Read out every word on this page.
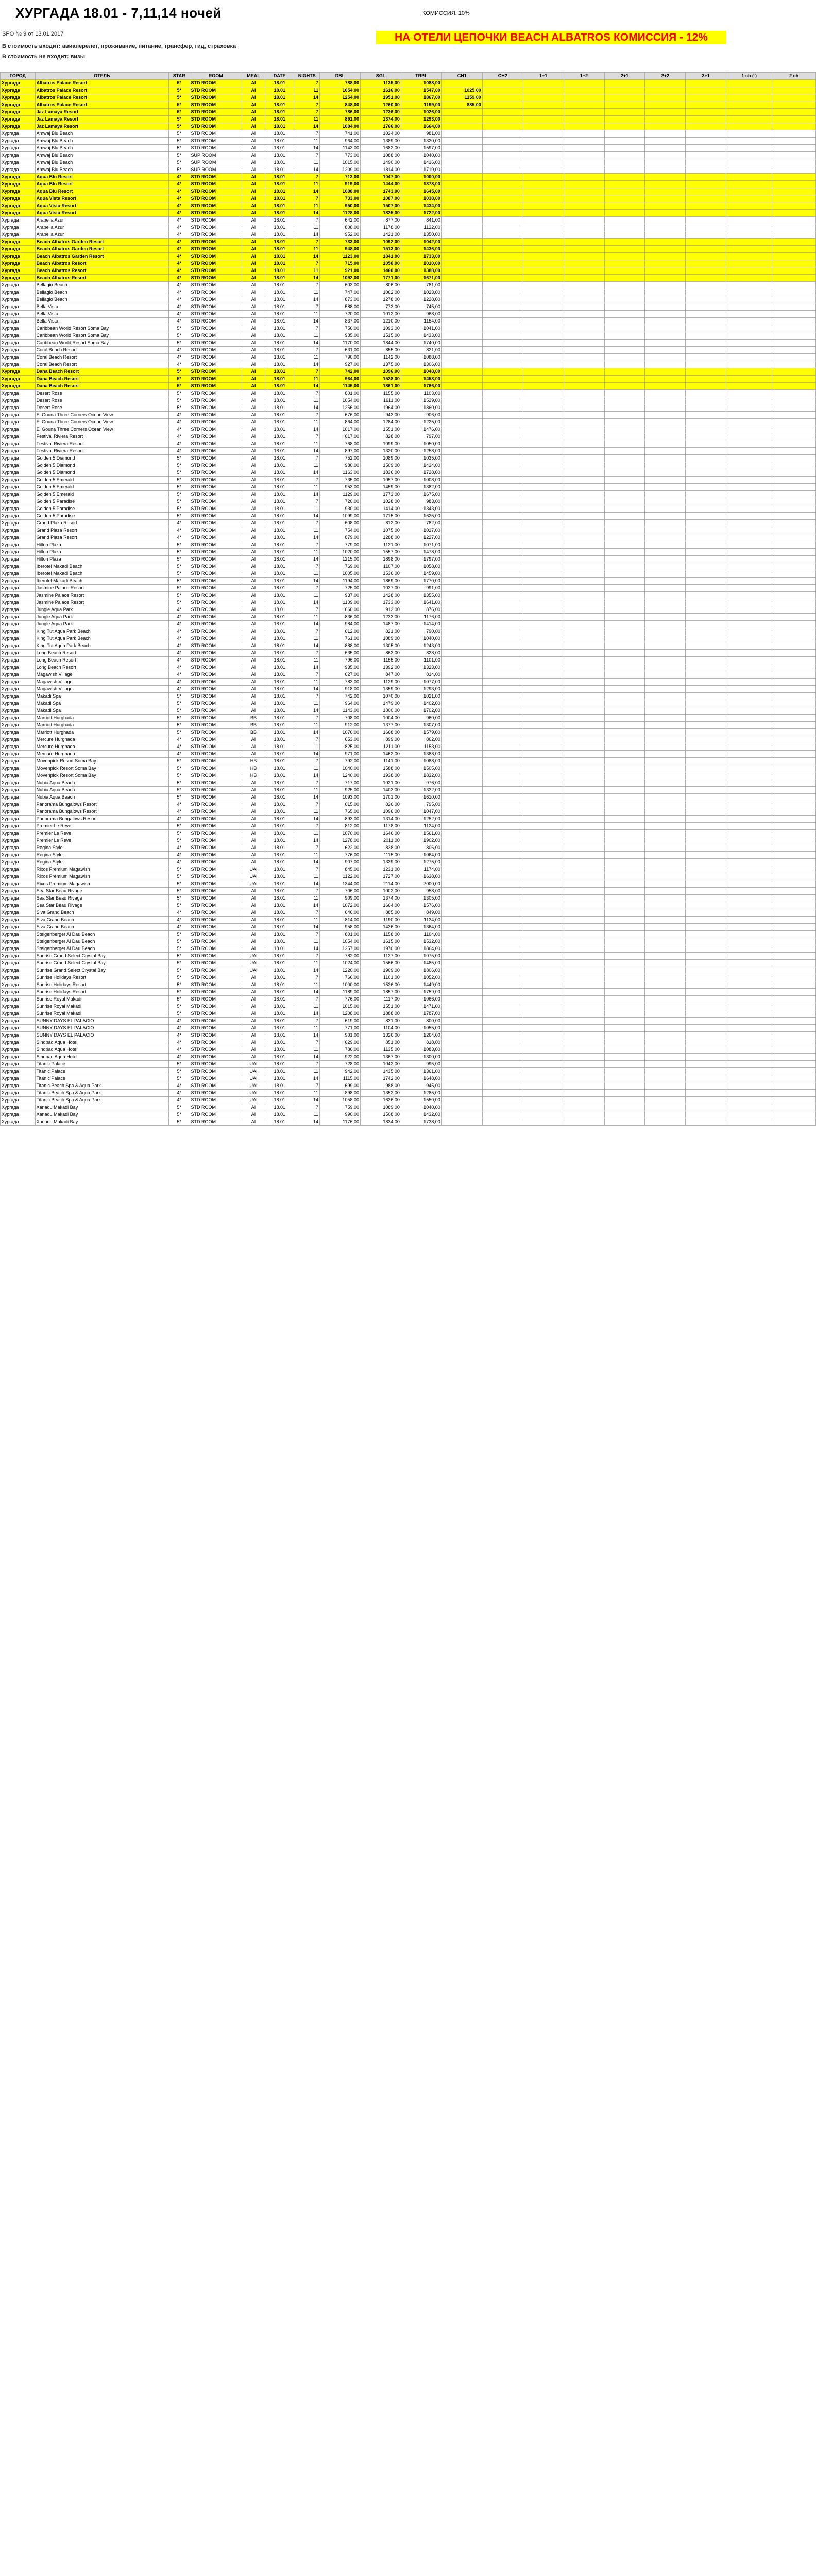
ХУРГАДА 18.01 - 7,11,14 ночей	КОМИССИЯ: 10%
SPO № 9 от 13.01.2017	НА ОТЕЛИ ЦЕПОЧКИ BEACH ALBATROS КОМИССИЯ - 12%
В стоимость входит: авиаперелет, проживание, питание, трансфер, гид, страховка
В стоимость не входит: визы
ГОРОД	ОТЕЛЬ	STAR	ROOM	MEAL	DATE	NIGHTS	DBL	SGL	TRPL	CH1	CH2	1+1	1+2	2+1	2+2	3+1	1 ch (-)	2 ch
Хургада	Albatros Palace Resort	5*	STD ROOM	AI	18.01	7	788,00	1135,00	1088,00									
Хургада	Albatros Palace Resort	5*	STD ROOM	AI	18.01	11	1054,00	1616,00	1547,00	1025,00								
Хургада	Albatros Palace Resort	5*	STD ROOM	AI	18.01	14	1254,00	1951,00	1867,00	1159,00								
Хургада	Albatros Palace Resort	5*	STD ROOM	AI	18.01	7	848,00	1260,00	1199,00	885,00								
Хургада	Jaz Lamaya Resort	5*	STD ROOM	AI	18.01	7	786,00	1236,00	1026,00									
Хургада	Jaz Lamaya Resort	5*	STD ROOM	AI	18.01	11	891,00	1374,00	1293,00									
Хургада	Jaz Lamaya Resort	5*	STD ROOM	AI	18.01	14	1084,00	1766,00	1664,00									
Хургада	Amwaj Blu Beach	5*	STD ROOM	AI	18.01	7	741,00	1024,00	981,00									
Хургада	Amwaj Blu Beach	5*	STD ROOM	AI	18.01	11	964,00	1389,00	1320,00									
Хургада	Amwaj Blu Beach	5*	STD ROOM	AI	18.01	14	1143,00	1682,00	1597,00									
Хургада	Amwaj Blu Beach	5*	SUP ROOM	AI	18.01	7	773,00	1088,00	1040,00									
Хургада	Amwaj Blu Beach	5*	SUP ROOM	AI	18.01	11	1015,00	1490,00	1416,00									
Хургада	Amwaj Blu Beach	5*	SUP ROOM	AI	18.01	14	1209,00	1814,00	1719,00									
Хургада	Aqua Blu Resort	4*	STD ROOM	AI	18.01	7	713,00	1047,00	1000,00									
Хургада	Aqua Blu Resort	4*	STD ROOM	AI	18.01	11	919,00	1444,00	1373,00									
Хургада	Aqua Blu Resort	4*	STD ROOM	AI	18.01	14	1088,00	1743,00	1645,00									
Хургада	Aqua Vista Resort	4*	STD ROOM	AI	18.01	7	733,00	1087,00	1038,00									
Хургада	Aqua Vista Resort	4*	STD ROOM	AI	18.01	11	950,00	1507,00	1434,00									
Хургада	Aqua Vista Resort	4*	STD ROOM	AI	18.01	14	1128,00	1825,00	1722,00									
Хургада	Arabella Azur	4*	STD ROOM	AI	18.01	7	642,00	877,00	841,00									
Хургада	Arabella Azur	4*	STD ROOM	AI	18.01	11	808,00	1178,00	1122,00									
Хургада	Arabella Azur	4*	STD ROOM	AI	18.01	14	952,00	1421,00	1350,00									
Хургада	Beach Albatros Garden Resort	4*	STD ROOM	AI	18.01	7	733,00	1092,00	1042,00									
Хургада	Beach Albatros Garden Resort	4*	STD ROOM	AI	18.01	11	948,00	1513,00	1436,00									
Хургада	Beach Albatros Garden Resort	4*	STD ROOM	AI	18.01	14	1123,00	1841,00	1733,00									
Хургада	Beach Albatros Resort	4*	STD ROOM	AI	18.01	7	715,00	1058,00	1010,00									
Хургада	Beach Albatros Resort	4*	STD ROOM	AI	18.01	11	921,00	1460,00	1388,00									
Хургада	Beach Albatros Resort	4*	STD ROOM	AI	18.01	14	1092,00	1771,00	1671,00									
Хургада	Bellagio Beach	4*	STD ROOM	AI	18.01	7	603,00	806,00	781,00									
Хургада	Bellagio Beach	4*	STD ROOM	AI	18.01	11	747,00	1062,00	1023,00									
Хургада	Bellagio Beach	4*	STD ROOM	AI	18.01	14	873,00	1278,00	1228,00									
Хургада	Bella Vista	4*	STD ROOM	AI	18.01	7	588,00	773,00	745,00									
Хургада	Bella Vista	4*	STD ROOM	AI	18.01	11	720,00	1012,00	968,00									
Хургада	Bella Vista	4*	STD ROOM	AI	18.01	14	837,00	1210,00	1154,00									
Хургада	Caribbean World Resort Soma Bay	5*	STD ROOM	AI	18.01	7	756,00	1093,00	1041,00									
Хургада	Caribbean World Resort Soma Bay	5*	STD ROOM	AI	18.01	11	985,00	1515,00	1433,00									
Хургада	Caribbean World Resort Soma Bay	5*	STD ROOM	AI	18.01	14	1170,00	1844,00	1740,00									
Хургада	Coral Beach Resort	4*	STD ROOM	AI	18.01	7	631,00	855,00	821,00									
Хургада	Coral Beach Resort	4*	STD ROOM	AI	18.01	11	790,00	1142,00	1088,00									
Хургада	Coral Beach Resort	4*	STD ROOM	AI	18.01	14	927,00	1375,00	1306,00									
Хургада	Dana Beach Resort	5*	STD ROOM	AI	18.01	7	742,00	1096,00	1048,00									
Хургада	Dana Beach Resort	5*	STD ROOM	AI	18.01	11	964,00	1528,00	1453,00									
Хургада	Dana Beach Resort	5*	STD ROOM	AI	18.01	14	1145,00	1861,00	1766,00									
Хургада	Desert Rose	5*	STD ROOM	AI	18.01	7	801,00	1155,00	1103,00									
Хургада	Desert Rose	5*	STD ROOM	AI	18.01	11	1054,00	1611,00	1529,00									
Хургада	Desert Rose	5*	STD ROOM	AI	18.01	14	1256,00	1964,00	1860,00									
Хургада	El Gouna Three Corners Ocean View	4*	STD ROOM	AI	18.01	7	676,00	943,00	906,00									
Хургада	El Gouna Three Corners Ocean View	4*	STD ROOM	AI	18.01	11	864,00	1284,00	1225,00									
Хургада	El Gouna Three Corners Ocean View	4*	STD ROOM	AI	18.01	14	1017,00	1551,00	1476,00									
Хургада	Festival Riviera Resort	4*	STD ROOM	AI	18.01	7	617,00	828,00	797,00									
Хургада	Festival Riviera Resort	4*	STD ROOM	AI	18.01	11	768,00	1099,00	1050,00									
Хургада	Festival Riviera Resort	4*	STD ROOM	AI	18.01	14	897,00	1320,00	1258,00									
Хургада	Golden 5 Diamond	5*	STD ROOM	AI	18.01	7	752,00	1089,00	1035,00									
Хургада	Golden 5 Diamond	5*	STD ROOM	AI	18.01	11	980,00	1509,00	1424,00									
Хургада	Golden 5 Diamond	5*	STD ROOM	AI	18.01	14	1163,00	1836,00	1728,00									
Хургада	Golden 5 Emerald	5*	STD ROOM	AI	18.01	7	735,00	1057,00	1008,00									
Хургада	Golden 5 Emerald	5*	STD ROOM	AI	18.01	11	953,00	1459,00	1382,00									
Хургада	Golden 5 Emerald	5*	STD ROOM	AI	18.01	14	1129,00	1773,00	1675,00									
Хургада	Golden 5 Paradise	5*	STD ROOM	AI	18.01	7	720,00	1028,00	983,00									
Хургада	Golden 5 Paradise	5*	STD ROOM	AI	18.01	11	930,00	1414,00	1343,00									
Хургада	Golden 5 Paradise	5*	STD ROOM	AI	18.01	14	1099,00	1715,00	1625,00									
Хургада	Grand Plaza Resort	4*	STD ROOM	AI	18.01	7	608,00	812,00	782,00									
Хургада	Grand Plaza Resort	4*	STD ROOM	AI	18.01	11	754,00	1075,00	1027,00									
Хургада	Grand Plaza Resort	4*	STD ROOM	AI	18.01	14	879,00	1288,00	1227,00									
Хургада	Hilton Plaza	5*	STD ROOM	AI	18.01	7	779,00	1121,00	1071,00									
Хургада	Hilton Plaza	5*	STD ROOM	AI	18.01	11	1020,00	1557,00	1478,00									
Хургада	Hilton Plaza	5*	STD ROOM	AI	18.01	14	1215,00	1898,00	1797,00									
Хургада	Iberotel Makadi Beach	5*	STD ROOM	AI	18.01	7	769,00	1107,00	1058,00									
Хургада	Iberotel Makadi Beach	5*	STD ROOM	AI	18.01	11	1005,00	1536,00	1459,00									
Хургада	Iberotel Makadi Beach	5*	STD ROOM	AI	18.01	14	1194,00	1869,00	1770,00									
Хургада	Jasmine Palace Resort	5*	STD ROOM	AI	18.01	7	725,00	1037,00	991,00									
Хургада	Jasmine Palace Resort	5*	STD ROOM	AI	18.01	11	937,00	1428,00	1355,00									
Хургада	Jasmine Palace Resort	5*	STD ROOM	AI	18.01	14	1109,00	1733,00	1641,00									
Хургада	Jungle Aqua Park	4*	STD ROOM	AI	18.01	7	660,00	913,00	876,00									
Хургада	Jungle Aqua Park	4*	STD ROOM	AI	18.01	11	836,00	1233,00	1176,00									
Хургада	Jungle Aqua Park	4*	STD ROOM	AI	18.01	14	984,00	1487,00	1414,00									
Хургада	King Tut Aqua Park Beach	4*	STD ROOM	AI	18.01	7	612,00	821,00	790,00									
Хургада	King Tut Aqua Park Beach	4*	STD ROOM	AI	18.01	11	761,00	1089,00	1040,00									
Хургада	King Tut Aqua Park Beach	4*	STD ROOM	AI	18.01	14	888,00	1305,00	1243,00									
Хургада	Long Beach Resort	4*	STD ROOM	AI	18.01	7	635,00	863,00	828,00									
Хургада	Long Beach Resort	4*	STD ROOM	AI	18.01	11	796,00	1155,00	1101,00									
Хургада	Long Beach Resort	4*	STD ROOM	AI	18.01	14	935,00	1392,00	1323,00									
Хургада	Magawish Village	4*	STD ROOM	AI	18.01	7	627,00	847,00	814,00									
Хургада	Magawish Village	4*	STD ROOM	AI	18.01	11	783,00	1129,00	1077,00									
Хургада	Magawish Village	4*	STD ROOM	AI	18.01	14	918,00	1359,00	1293,00									
Хургада	Makadi Spa	5*	STD ROOM	AI	18.01	7	742,00	1070,00	1021,00									
Хургада	Makadi Spa	5*	STD ROOM	AI	18.01	11	964,00	1479,00	1402,00									
Хургада	Makadi Spa	5*	STD ROOM	AI	18.01	14	1143,00	1800,00	1702,00									
Хургада	Marriott Hurghada	5*	STD ROOM	BB	18.01	7	708,00	1004,00	960,00									
Хургада	Marriott Hurghada	5*	STD ROOM	BB	18.01	11	912,00	1377,00	1307,00									
Хургада	Marriott Hurghada	5*	STD ROOM	BB	18.01	14	1076,00	1668,00	1579,00									
Хургада	Mercure Hurghada	4*	STD ROOM	AI	18.01	7	653,00	899,00	862,00									
Хургада	Mercure Hurghada	4*	STD ROOM	AI	18.01	11	825,00	1211,00	1153,00									
Хургада	Mercure Hurghada	4*	STD ROOM	AI	18.01	14	971,00	1462,00	1388,00									
Хургада	Movenpick Resort Soma Bay	5*	STD ROOM	HB	18.01	7	792,00	1141,00	1088,00									
Хургада	Movenpick Resort Soma Bay	5*	STD ROOM	HB	18.01	11	1040,00	1588,00	1505,00									
Хургада	Movenpick Resort Soma Bay	5*	STD ROOM	HB	18.01	14	1240,00	1938,00	1832,00									
Хургада	Nubia Aqua Beach	5*	STD ROOM	AI	18.01	7	717,00	1021,00	976,00									
Хургада	Nubia Aqua Beach	5*	STD ROOM	AI	18.01	11	925,00	1403,00	1332,00									
Хургада	Nubia Aqua Beach	5*	STD ROOM	AI	18.01	14	1093,00	1701,00	1610,00									
Хургада	Panorama Bungalows Resort	4*	STD ROOM	AI	18.01	7	615,00	826,00	795,00									
Хургада	Panorama Bungalows Resort	4*	STD ROOM	AI	18.01	11	765,00	1096,00	1047,00									
Хургада	Panorama Bungalows Resort	4*	STD ROOM	AI	18.01	14	893,00	1314,00	1252,00									
Хургада	Premier Le Reve	5*	STD ROOM	AI	18.01	7	812,00	1178,00	1124,00									
Хургада	Premier Le Reve	5*	STD ROOM	AI	18.01	11	1070,00	1646,00	1561,00									
Хургада	Premier Le Reve	5*	STD ROOM	AI	18.01	14	1278,00	2011,00	1902,00									
Хургада	Regina Style	4*	STD ROOM	AI	18.01	7	622,00	838,00	806,00									
Хургада	Regina Style	4*	STD ROOM	AI	18.01	11	776,00	1115,00	1064,00									
Хургада	Regina Style	4*	STD ROOM	AI	18.01	14	907,00	1339,00	1275,00									
Хургада	Rixos Premium Magawish	5*	STD ROOM	UAI	18.01	7	845,00	1231,00	1174,00									
Хургада	Rixos Premium Magawish	5*	STD ROOM	UAI	18.01	11	1122,00	1727,00	1638,00									
Хургада	Rixos Premium Magawish	5*	STD ROOM	UAI	18.01	14	1344,00	2114,00	2000,00									
Хургада	Sea Star Beau Rivage	5*	STD ROOM	AI	18.01	7	706,00	1002,00	958,00									
Хургада	Sea Star Beau Rivage	5*	STD ROOM	AI	18.01	11	909,00	1374,00	1305,00									
Хургада	Sea Star Beau Rivage	5*	STD ROOM	AI	18.01	14	1072,00	1664,00	1576,00									
Хургада	Siva Grand Beach	4*	STD ROOM	AI	18.01	7	646,00	885,00	849,00									
Хургада	Siva Grand Beach	4*	STD ROOM	AI	18.01	11	814,00	1190,00	1134,00									
Хургада	Siva Grand Beach	4*	STD ROOM	AI	18.01	14	958,00	1436,00	1364,00									
Хургада	Steigenberger Al Dau Beach	5*	STD ROOM	AI	18.01	7	801,00	1158,00	1104,00									
Хургада	Steigenberger Al Dau Beach	5*	STD ROOM	AI	18.01	11	1054,00	1615,00	1532,00									
Хургада	Steigenberger Al Dau Beach	5*	STD ROOM	AI	18.01	14	1257,00	1970,00	1864,00									
Хургада	Sunrise Grand Select Crystal Bay	5*	STD ROOM	UAI	18.01	7	782,00	1127,00	1075,00									
Хургада	Sunrise Grand Select Crystal Bay	5*	STD ROOM	UAI	18.01	11	1024,00	1566,00	1485,00									
Хургада	Sunrise Grand Select Crystal Bay	5*	STD ROOM	UAI	18.01	14	1220,00	1909,00	1806,00									
Хургада	Sunrise Holidays Resort	5*	STD ROOM	AI	18.01	7	766,00	1101,00	1052,00									
Хургада	Sunrise Holidays Resort	5*	STD ROOM	AI	18.01	11	1000,00	1526,00	1449,00									
Хургада	Sunrise Holidays Resort	5*	STD ROOM	AI	18.01	14	1189,00	1857,00	1759,00									
Хургада	Sunrise Royal Makadi	5*	STD ROOM	AI	18.01	7	776,00	1117,00	1066,00									
Хургада	Sunrise Royal Makadi	5*	STD ROOM	AI	18.01	11	1015,00	1551,00	1471,00									
Хургада	Sunrise Royal Makadi	5*	STD ROOM	AI	18.01	14	1208,00	1888,00	1787,00									
Хургада	SUNNY DAYS EL PALACIO	4*	STD ROOM	AI	18.01	7	619,00	831,00	800,00									
Хургада	SUNNY DAYS EL PALACIO	4*	STD ROOM	AI	18.01	11	771,00	1104,00	1055,00									
Хургада	SUNNY DAYS EL PALACIO	4*	STD ROOM	AI	18.01	14	901,00	1326,00	1264,00									
Хургада	Sindbad Aqua Hotel	4*	STD ROOM	AI	18.01	7	629,00	851,00	818,00									
Хургада	Sindbad Aqua Hotel	4*	STD ROOM	AI	18.01	11	786,00	1135,00	1083,00									
Хургада	Sindbad Aqua Hotel	4*	STD ROOM	AI	18.01	14	922,00	1367,00	1300,00									
Хургада	Titanic Palace	5*	STD ROOM	UAI	18.01	7	728,00	1042,00	995,00									
Хургада	Titanic Palace	5*	STD ROOM	UAI	18.01	11	942,00	1435,00	1361,00									
Хургада	Titanic Palace	5*	STD ROOM	UAI	18.01	14	1115,00	1742,00	1648,00									
Хургада	Titanic Beach Spa & Aqua Park	4*	STD ROOM	UAI	18.01	7	699,00	988,00	945,00									
Хургада	Titanic Beach Spa & Aqua Park	4*	STD ROOM	UAI	18.01	11	898,00	1352,00	1285,00									
Хургада	Titanic Beach Spa & Aqua Park	4*	STD ROOM	UAI	18.01	14	1058,00	1636,00	1550,00									
Хургада	Xanadu Makadi Bay	5*	STD ROOM	AI	18.01	7	759,00	1089,00	1040,00									
Хургада	Xanadu Makadi Bay	5*	STD ROOM	AI	18.01	11	990,00	1508,00	1432,00									
Хургада	Xanadu Makadi Bay	5*	STD ROOM	AI	18.01	14	1176,00	1834,00	1738,00									
